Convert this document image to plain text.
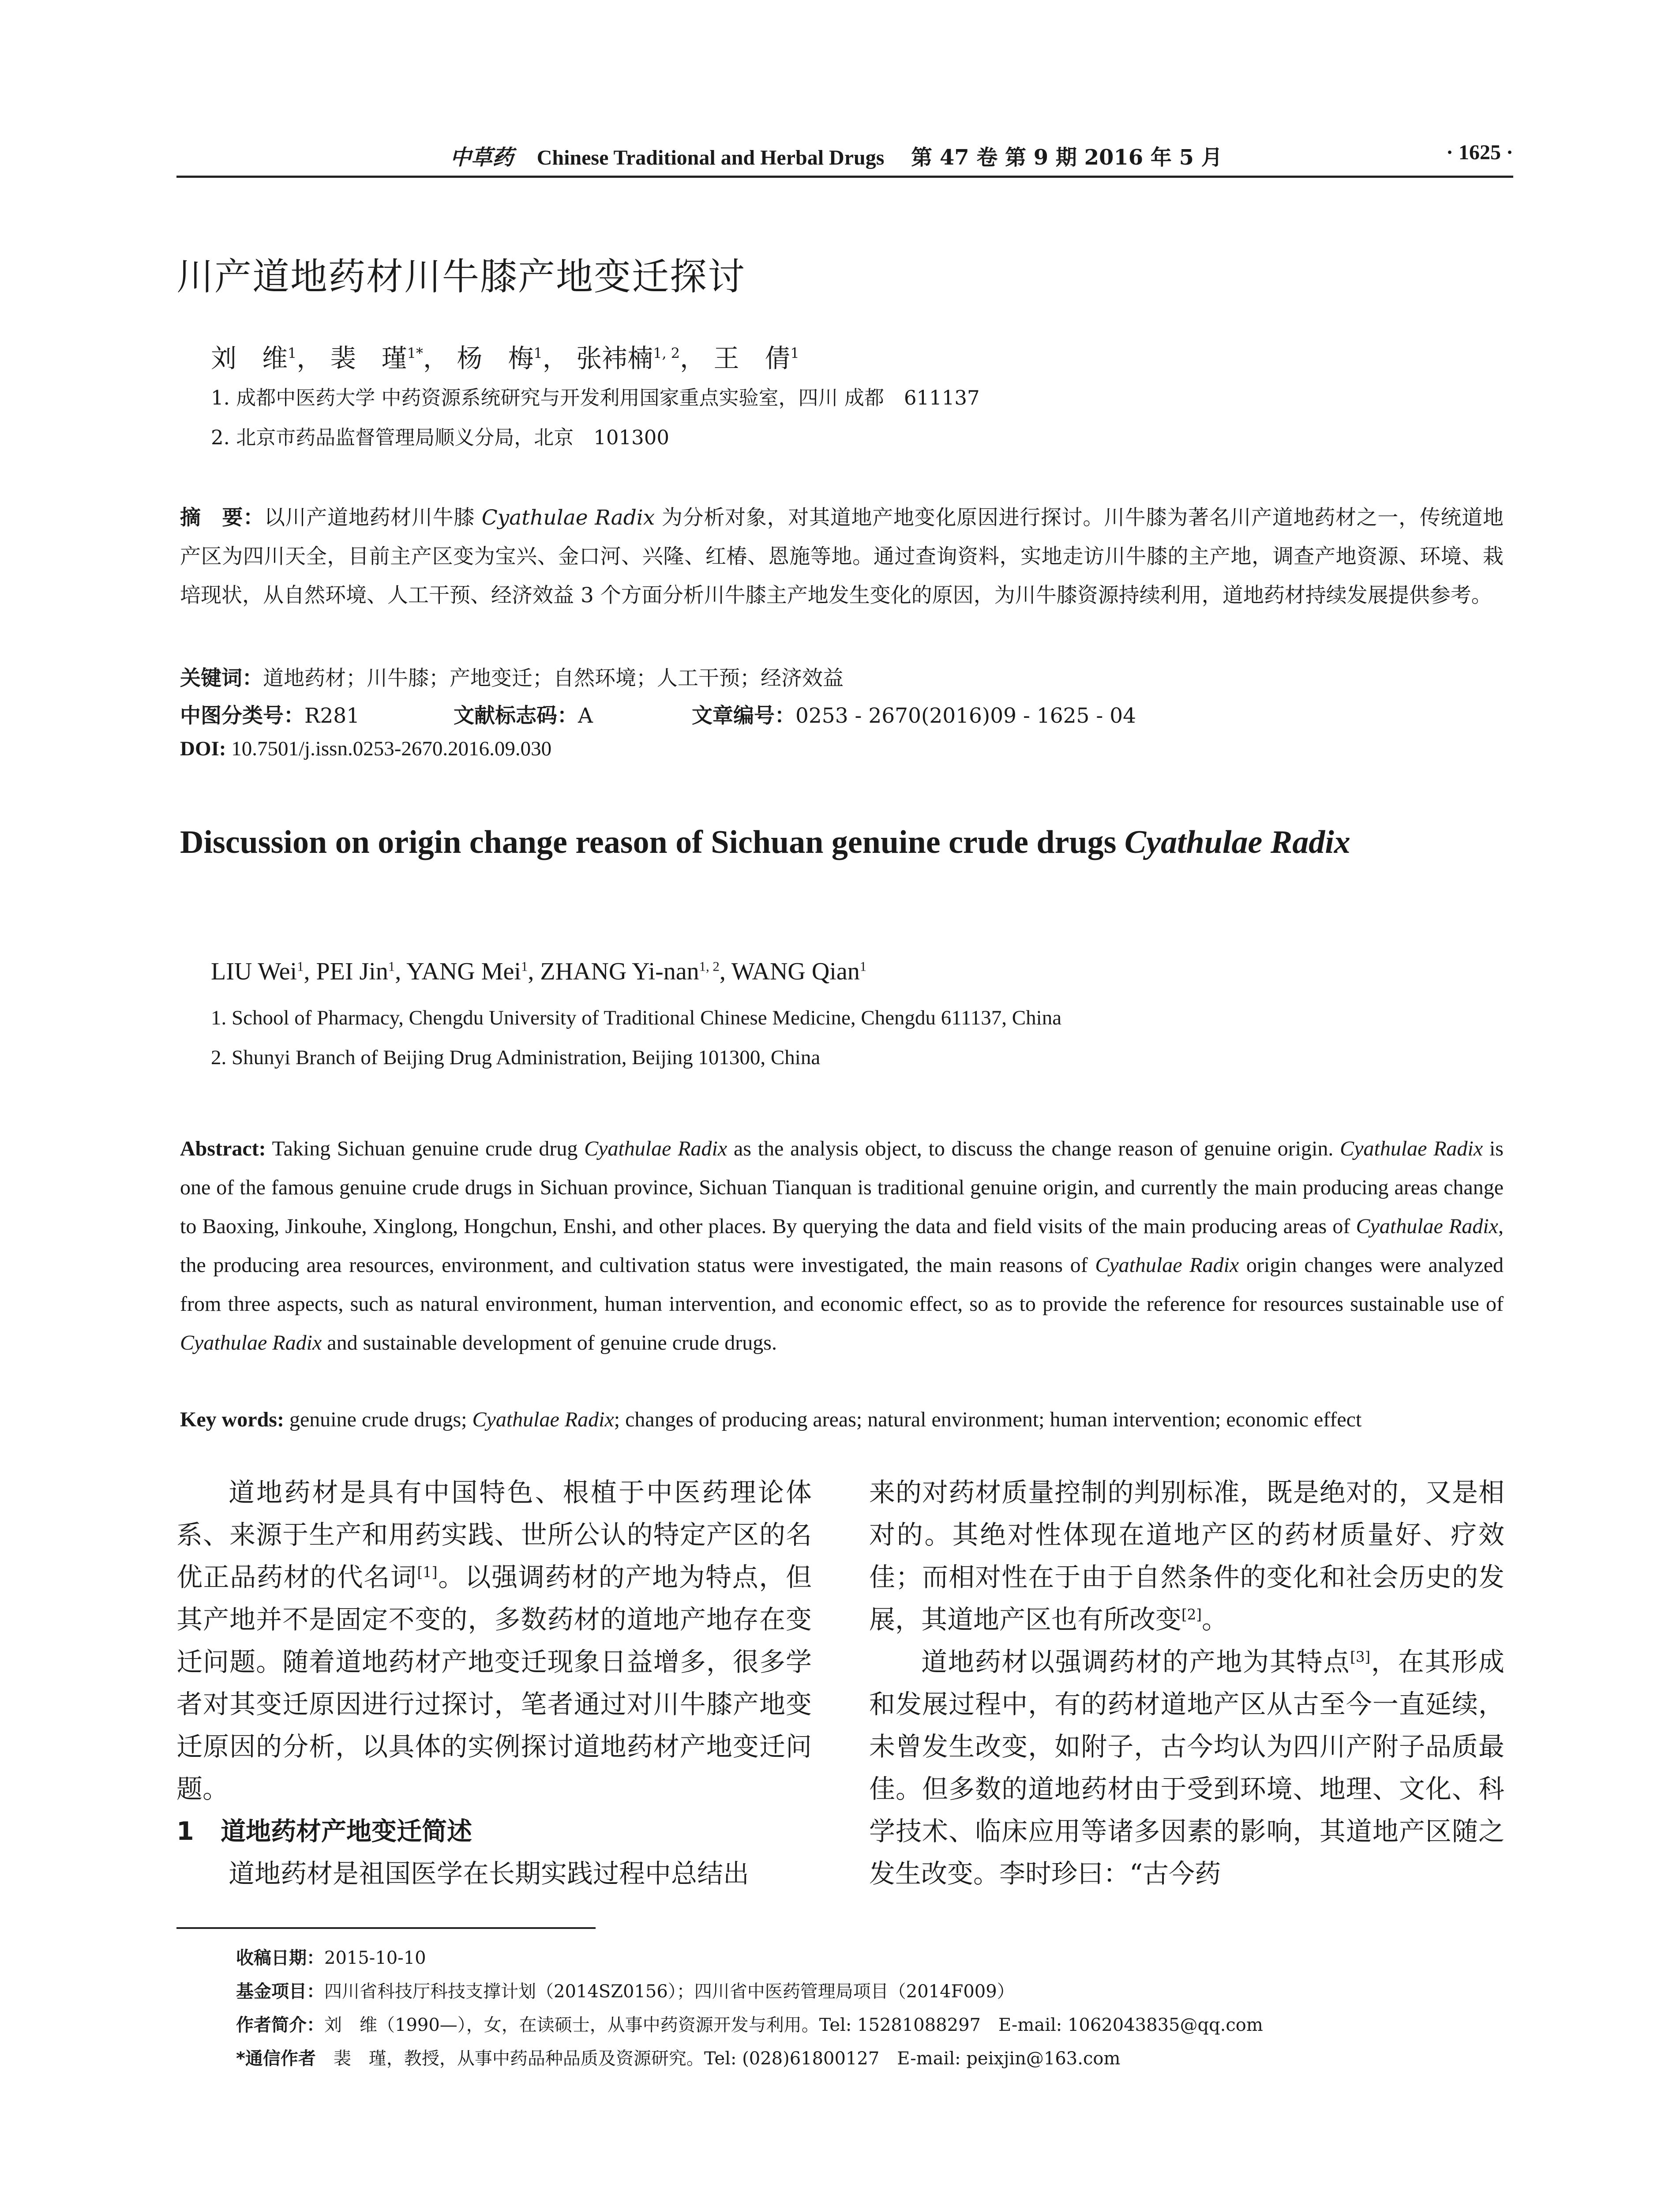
中草药 Chinese Traditional and Herbal Drugs 第 47 卷 第 9 期 2016 年 5 月	· 1625 ·
川产道地药材川牛膝产地变迁探讨
刘　维$^1$， 裴　瑾$^{1*}$， 杨　梅$^1$， 张袆楠$^{1, 2}$， 王　倩$^1$
1. 成都中医药大学 中药资源系统研究与开发利用国家重点实验室，四川 成都　611137
2. 北京市药品监督管理局顺义分局，北京　101300
摘　要：以川产道地药材川牛膝 Cyathulae Radix 为分析对象，对其道地产地变化原因进行探讨。川牛膝为著名川产道地药材之一，传统道地产区为四川天全，目前主产区变为宝兴、金口河、兴隆、红椿、恩施等地。通过查询资料，实地走访川牛膝的主产地，调查产地资源、环境、栽培现状，从自然环境、人工干预、经济效益 3 个方面分析川牛膝主产地发生变化的原因，为川牛膝资源持续利用，道地药材持续发展提供参考。
关键词：道地药材；川牛膝；产地变迁；自然环境；人工干预；经济效益
中图分类号：R281	文献标志码：A	文章编号：0253 - 2670(2016)09 - 1625 - 04
DOI: 10.7501/j.issn.0253-2670.2016.09.030
Discussion on origin change reason of Sichuan genuine crude drugs Cyathulae Radix
LIU Wei$^1$, PEI Jin$^1$, YANG Mei$^1$, ZHANG Yi-nan$^{1, 2}$, WANG Qian$^1$
1. School of Pharmacy, Chengdu University of Traditional Chinese Medicine, Chengdu 611137, China
2. Shunyi Branch of Beijing Drug Administration, Beijing 101300, China
Abstract: Taking Sichuan genuine crude drug Cyathulae Radix as the analysis object, to discuss the change reason of genuine origin. Cyathulae Radix is one of the famous genuine crude drugs in Sichuan province, Sichuan Tianquan is traditional genuine origin, and currently the main producing areas change to Baoxing, Jinkouhe, Xinglong, Hongchun, Enshi, and other places. By querying the data and field visits of the main producing areas of Cyathulae Radix, the producing area resources, environment, and cultivation status were investigated, the main reasons of Cyathulae Radix origin changes were analyzed from three aspects, such as natural environment, human intervention, and economic effect, so as to provide the reference for resources sustainable use of Cyathulae Radix and sustainable development of genuine crude drugs.
Key words: genuine crude drugs; Cyathulae Radix; changes of producing areas; natural environment; human intervention; economic effect

道地药材是具有中国特色、根植于中医药理论体系、来源于生产和用药实践、世所公认的特定产区的名优正品药材的代名词[1]。以强调药材的产地为特点，但其产地并不是固定不变的，多数药材的道地产地存在变迁问题。随着道地药材产地变迁现象日益增多，很多学者对其变迁原因进行过探讨，笔者通过对川牛膝产地变迁原因的分析，以具体的实例探讨道地药材产地变迁问题。

1 道地药材产地变迁简述

道地药材是祖国医学在长期实践过程中总结出

来的对药材质量控制的判别标准，既是绝对的，又是相对的。其绝对性体现在道地产区的药材质量好、疗效佳；而相对性在于由于自然条件的变化和社会历史的发展，其道地产区也有所改变[2]。

道地药材以强调药材的产地为其特点[3]，在其形成和发展过程中，有的药材道地产区从古至今一直延续，未曾发生改变，如附子，古今均认为四川产附子品质最佳。但多数的道地药材由于受到环境、地理、文化、科学技术、临床应用等诸多因素的影响，其道地产区随之发生改变。李时珍曰：“古今药

收稿日期：2015-10-10
基金项目：四川省科技厅科技支撑计划（2014SZ0156）；四川省中医药管理局项目（2014F009）
作者简介：刘　维（1990—），女，在读硕士，从事中药资源开发与利用。Tel: 15281088297　E-mail: 1062043835@qq.com
*通信作者　裴　瑾，教授，从事中药品种品质及资源研究。Tel: (028)61800127　E-mail: peixjin@163.com
